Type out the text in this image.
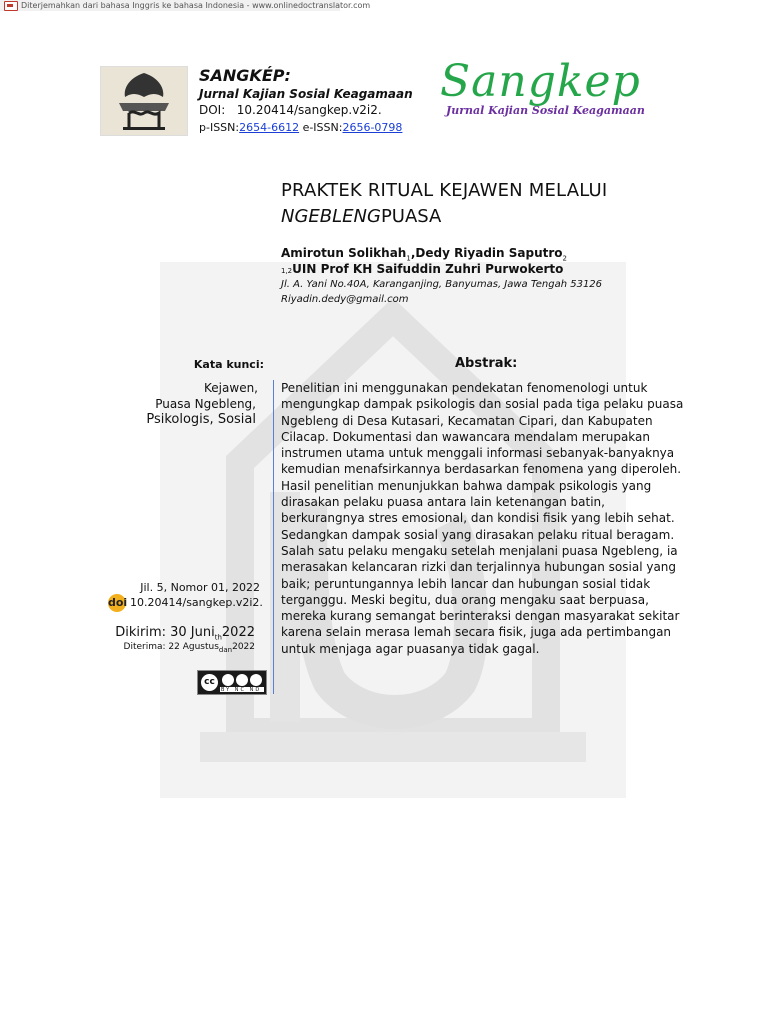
Diterjemahkan dari bahasa Inggris ke bahasa Indonesia - www.onlinedoctranslator.com
SANGKÉP:
Jurnal Kajian Sosial Keagamaan
DOI: 10.20414/sangkep.v2i2.
p-ISSN:2654-6612 e-ISSN:2656-0798
Sangkep
Jurnal Kajian Sosial Keagamaan
PRAKTEK RITUAL KEJAWEN MELALUI
NGEBLENGPUASA
Amirotun Solikhah$_1$,Dedy Riyadin Saputro$_2$
1,2UIN Prof KH Saifuddin Zuhri Purwokerto
Jl. A. Yani No.40A, Karanganjing, Banyumas, Jawa Tengah 53126
Riyadin.dedy@gmail.com
Kata kunci:
Kejawen,
Puasa Ngebleng,
Psikologis, Sosial
Jil. 5, Nomor 01, 2022
doi 10.20414/sangkep.v2i2.
Dikirim: 30 Juni$_{th}$2022
Diterima: 22 Agustus$_{dan}$2022
cc
BY NC ND
Abstrak:
Penelitian ini menggunakan pendekatan fenomenologi untuk mengungkap dampak psikologis dan sosial pada tiga pelaku puasa Ngebleng di Desa Kutasari, Kecamatan Cipari, dan Kabupaten Cilacap. Dokumentasi dan wawancara mendalam merupakan instrumen utama untuk menggali informasi sebanyak-banyaknya kemudian menafsirkannya berdasarkan fenomena yang diperoleh. Hasil penelitian menunjukkan bahwa dampak psikologis yang dirasakan pelaku puasa antara lain ketenangan batin, berkurangnya stres emosional, dan kondisi fisik yang lebih sehat. Sedangkan dampak sosial yang dirasakan pelaku ritual beragam. Salah satu pelaku mengaku setelah menjalani puasa Ngebleng, ia merasakan kelancaran rizki dan terjalinnya hubungan sosial yang baik; peruntungannya lebih lancar dan hubungan sosial tidak terganggu. Meski begitu, dua orang mengaku saat berpuasa, mereka kurang semangat berinteraksi dengan masyarakat sekitar karena selain merasa lemah secara fisik, juga ada pertimbangan untuk menjaga agar puasanya tidak gagal.
